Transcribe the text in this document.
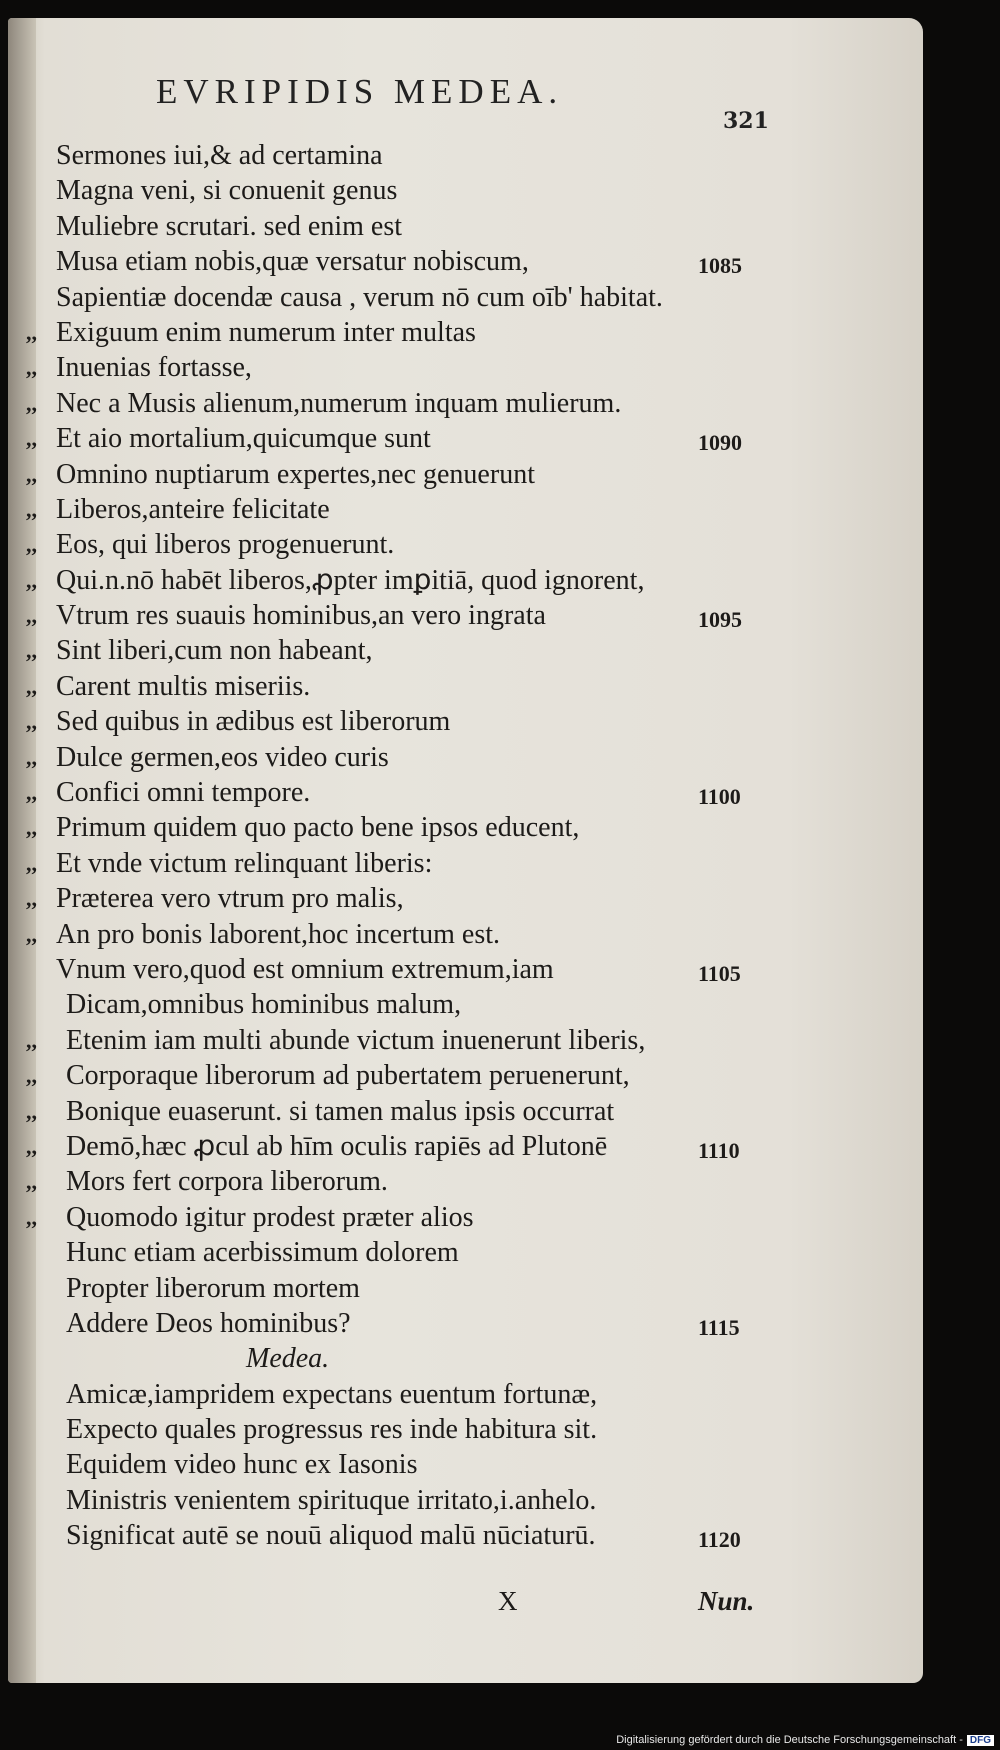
EVRIPIDIS MEDEA.
321
Sermones iui,& ad certamina
Magna veni, si conuenit genus
Muliebre scrutari. sed enim est
Musa etiam nobis,quæ versatur nobiscum,	1085
Sapientiæ docendæ causa , verum nō cum oīb' habitat.
,, Exiguum enim numerum inter multas
,, Inuenias fortasse,
,, Nec a Musis alienum,numerum inquam mulierum.
,, Et aio mortalium,quicumque sunt	1090
,, Omnino nuptiarum expertes,nec genuerunt
,, Liberos,anteire felicitate
,, Eos, qui liberos progenuerunt.
,, Qui.n.nō habēt liberos,ꝓpter imꝑitiā, quod ignorent,
,, Vtrum res suauis hominibus,an vero ingrata	1095
,, Sint liberi,cum non habeant,
,, Carent multis miseriis.
,, Sed quibus in ædibus est liberorum
,, Dulce germen,eos video curis
,, Confici omni tempore.	1100
,, Primum quidem quo pacto bene ipsos educent,
,, Et vnde victum relinquant liberis:
,, Præterea vero vtrum pro malis,
,, An pro bonis laborent,hoc incertum est.
Vnum vero,quod est omnium extremum,iam	1105
Dicam,omnibus hominibus malum,
,, Etenim iam multi abunde victum inuenerunt liberis,
,, Corporaque liberorum ad pubertatem peruenerunt,
,, Bonique euaserunt. si tamen malus ipsis occurrat
,, Demō,hæc ꝓcul ab hīm oculis rapiēs ad Plutonē	1110
,, Mors fert corpora liberorum.
,, Quomodo igitur prodest præter alios
Hunc etiam acerbissimum dolorem
Propter liberorum mortem
Addere Deos hominibus?	1115
Medea.
Amicæ,iampridem expectans euentum fortunæ,
Expecto quales progressus res inde habitura sit.
Equidem video hunc ex Iasonis
Ministris venientem spirituque irritato,i.anhelo.
Significat autē se nouū aliquod malū nūciaturū.	1120
X	Nun.
Digitalisierung gefördert durch die Deutsche Forschungsgemeinschaft - DFG
